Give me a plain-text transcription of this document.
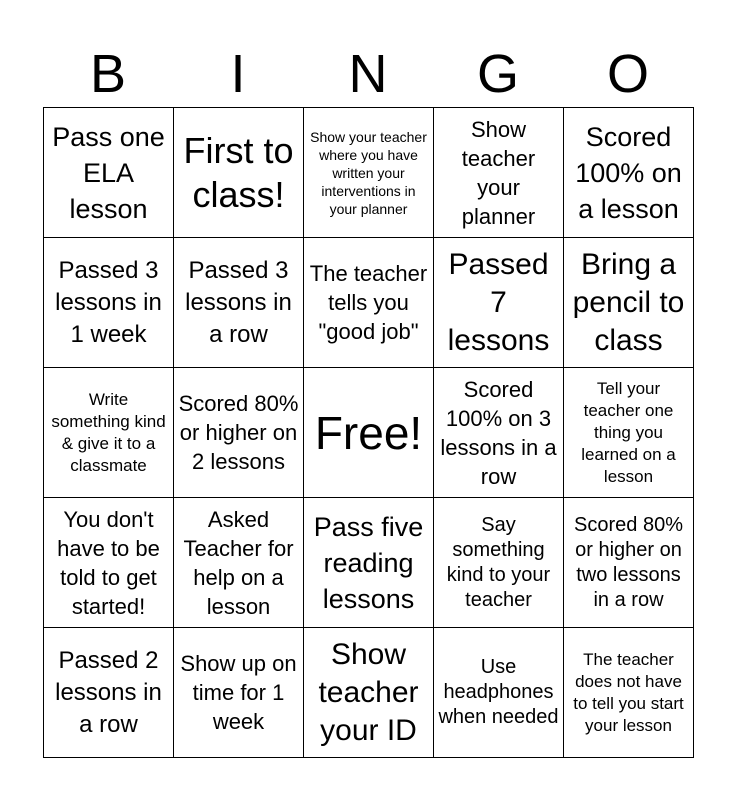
B	I	N	G	O
Pass one ELA lesson	First to class!	Show your teacher where you have written your interventions in your planner	Show teacher your planner	Scored 100% on a lesson

Passed 3 lessons in 1 week	Passed 3 lessons in a row	The teacher tells you "good job"	Passed 7 lessons	Bring a pencil to class

Write something kind & give it to a classmate	Scored 80% or higher on 2 lessons	Free!	Scored 100% on 3 lessons in a row	Tell your teacher one thing you learned on a lesson

You don't have to be told to get started!	Asked Teacher for help on a lesson	Pass five reading lessons	Say something kind to your teacher	Scored 80% or higher on two lessons in a row

Passed 2 lessons in a row	Show up on time for 1 week	Show teacher your ID	Use headphones when needed	The teacher does not have to tell you start your lesson
